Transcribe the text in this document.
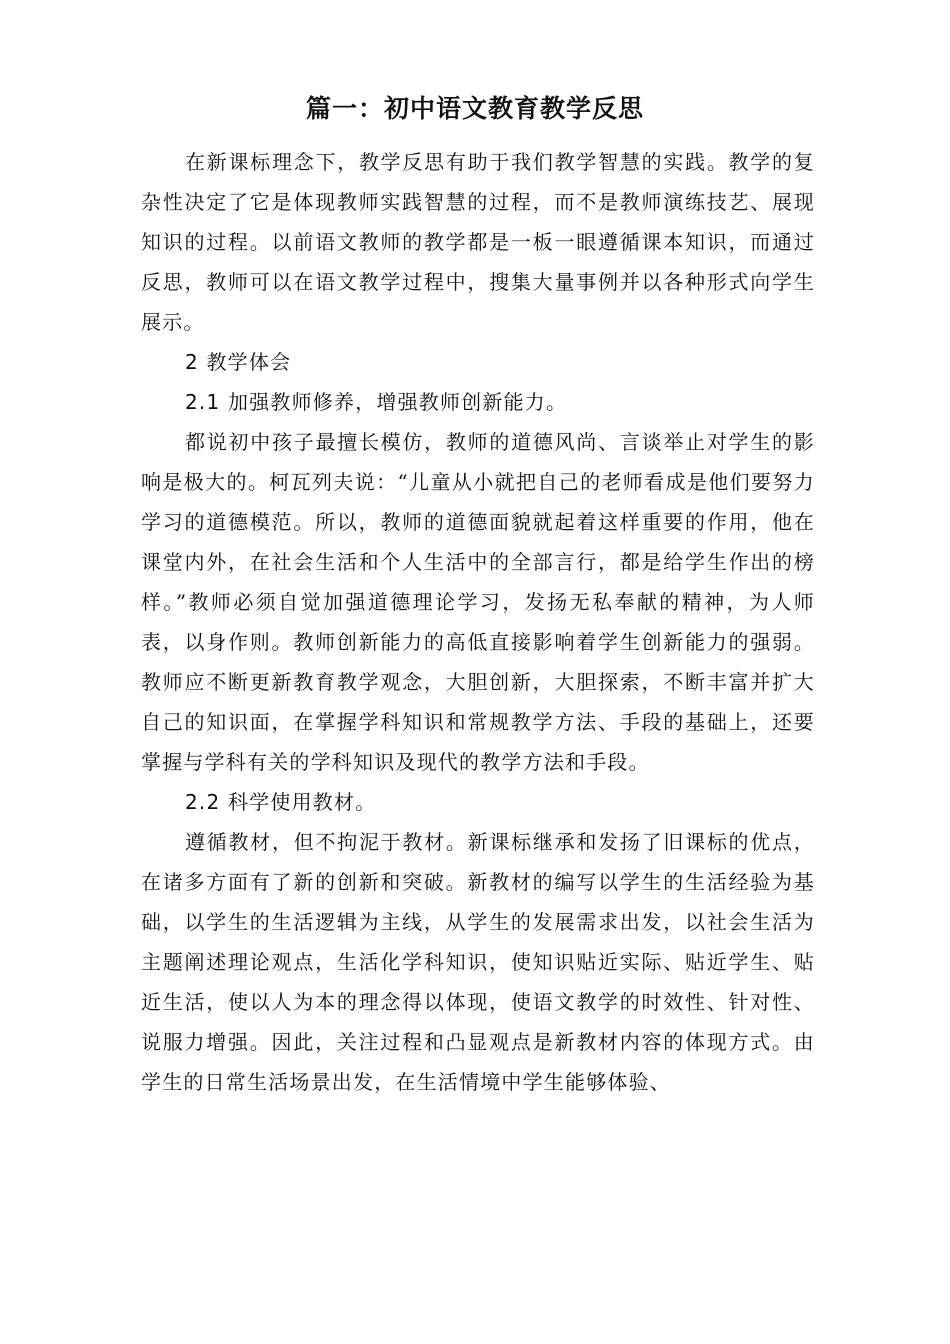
篇一：初中语文教育教学反思

在新课标理念下，教学反思有助于我们教学智慧的实践。教学的复杂性决定了它是体现教师实践智慧的过程，而不是教师演练技艺、展现知识的过程。以前语文教师的教学都是一板一眼遵循课本知识，而通过反思，教师可以在语文教学过程中，搜集大量事例并以各种形式向学生展示。

2 教学体会

2.1 加强教师修养，增强教师创新能力。

都说初中孩子最擅长模仿，教师的道德风尚、言谈举止对学生的影响是极大的。柯瓦列夫说：“儿童从小就把自己的老师看成是他们要努力学习的道德模范。所以，教师的道德面貌就起着这样重要的作用，他在课堂内外，在社会生活和个人生活中的全部言行，都是给学生作出的榜样。”教师必须自觉加强道德理论学习，发扬无私奉献的精神，为人师表，以身作则。教师创新能力的高低直接影响着学生创新能力的强弱。教师应不断更新教育教学观念，大胆创新，大胆探索，不断丰富并扩大自己的知识面，在掌握学科知识和常规教学方法、手段的基础上，还要掌握与学科有关的学科知识及现代的教学方法和手段。

2.2 科学使用教材。

遵循教材，但不拘泥于教材。新课标继承和发扬了旧课标的优点，在诸多方面有了新的创新和突破。新教材的编写以学生的生活经验为基础，以学生的生活逻辑为主线，从学生的发展需求出发，以社会生活为主题阐述理论观点，生活化学科知识，使知识贴近实际、贴近学生、贴近生活，使以人为本的理念得以体现，使语文教学的时效性、针对性、说服力增强。因此，关注过程和凸显观点是新教材内容的体现方式。由学生的日常生活场景出发，在生活情境中学生能够体验、
